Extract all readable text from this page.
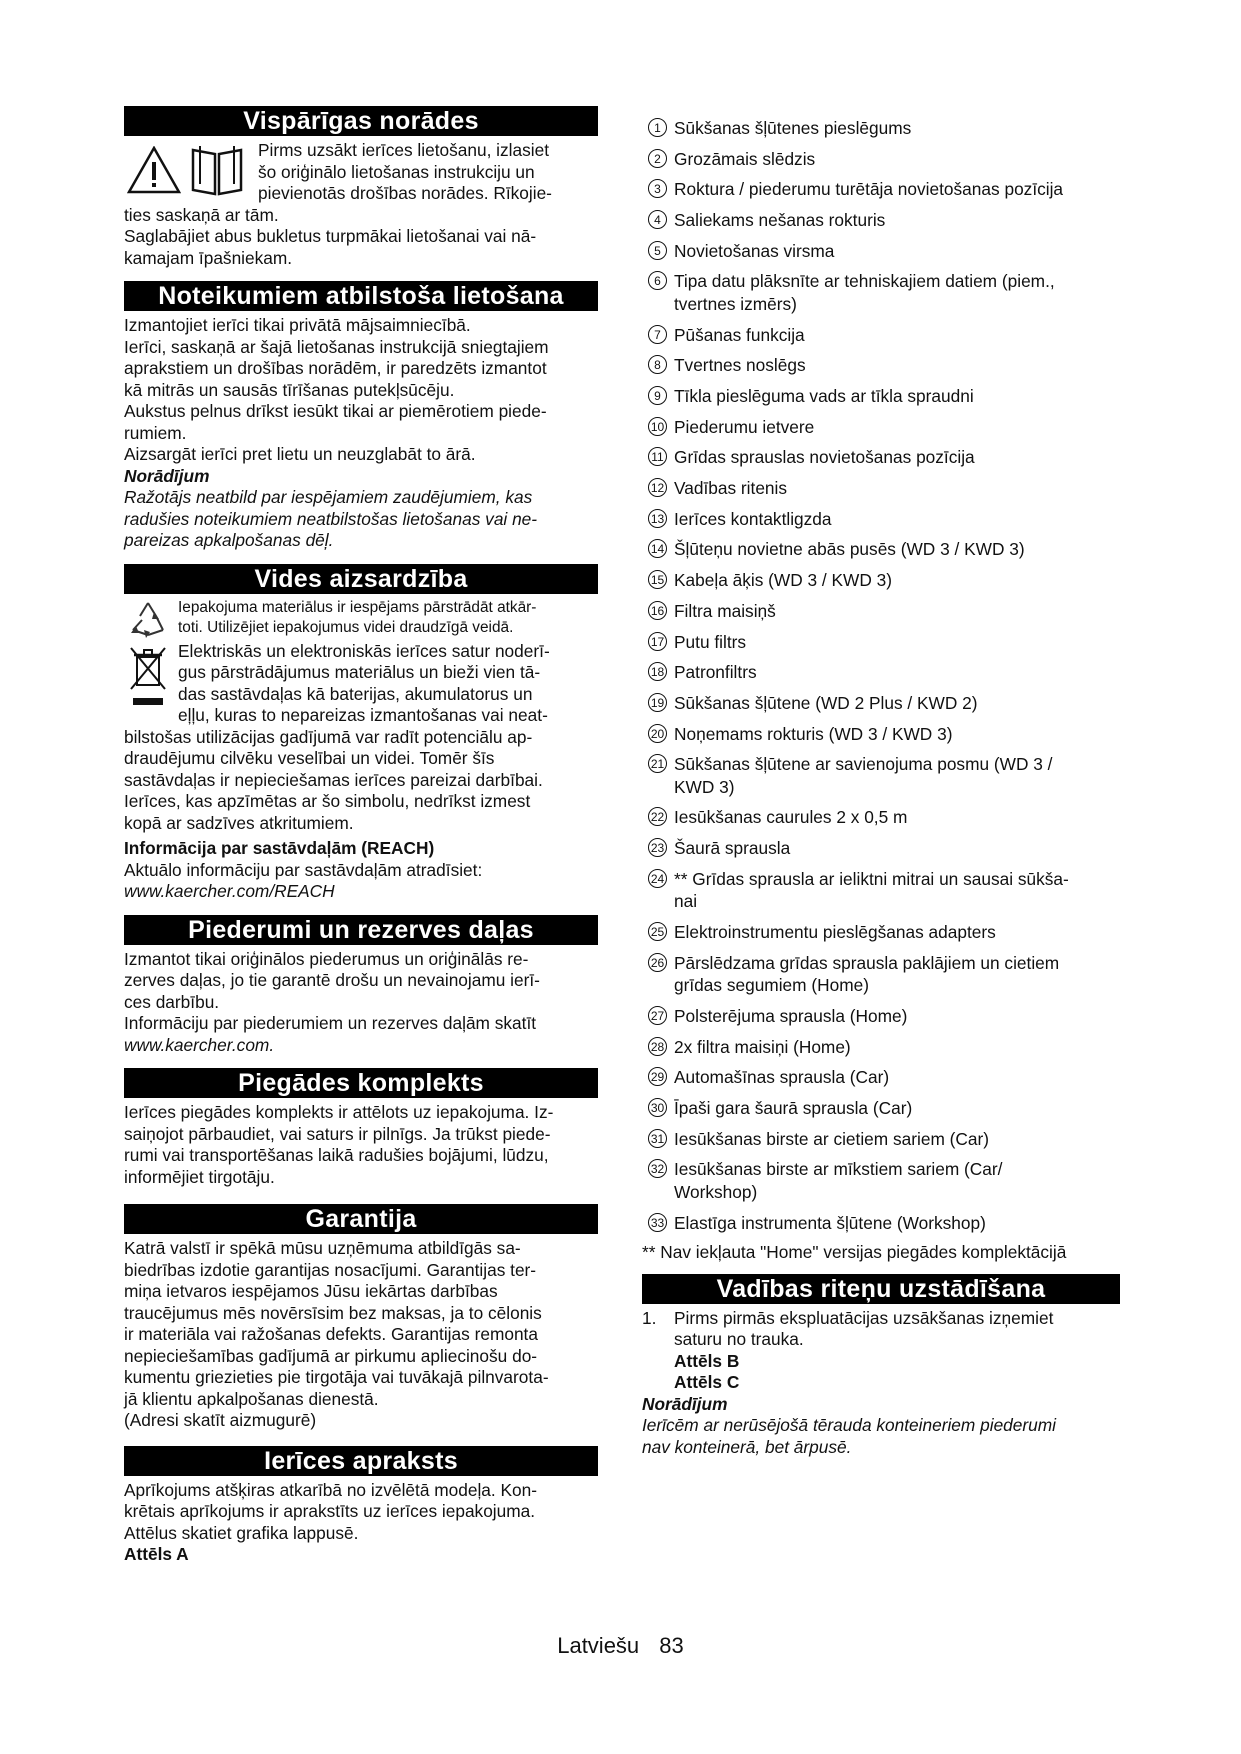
Vispārīgas norādes

Pirms uzsākt ierīces lietošanu, izlasiet

šo oriģinālo lietošanas instrukciju un

pievienotās drošības norādes. Rīkojie-

ties saskaņā ar tām.

Saglabājiet abus bukletus turpmākai lietošanai vai nā-

kamajam īpašniekam.

Noteikumiem atbilstoša lietošana

Izmantojiet ierīci tikai privātā mājsaimniecībā.

Ierīci, saskaņā ar šajā lietošanas instrukcijā sniegtajiem

aprakstiem un drošības norādēm, ir paredzēts izmantot

kā mitrās un sausās tīrīšanas putekļsūcēju.

Aukstus pelnus drīkst iesūkt tikai ar piemērotiem piede-

rumiem.

Aizsargāt ierīci pret lietu un neuzglabāt to ārā.

Norādījum

Ražotājs neatbild par iespējamiem zaudējumiem, kas

radušies noteikumiem neatbilstošas lietošanas vai ne-

pareizas apkalpošanas dēļ.

Vides aizsardzība

Iepakojuma materiālus ir iespējams pārstrādāt atkār-

toti. Utilizējiet iepakojumus videi draudzīgā veidā.

Elektriskās un elektroniskās ierīces satur noderī-

gus pārstrādājumus materiālus un bieži vien tā-

das sastāvdaļas kā baterijas, akumulatorus un

eļļu, kuras to nepareizas izmantošanas vai neat-

bilstošas utilizācijas gadījumā var radīt potenciālu ap-

draudējumu cilvēku veselībai un videi. Tomēr šīs

sastāvdaļas ir nepieciešamas ierīces pareizai darbībai.

Ierīces, kas apzīmētas ar šo simbolu, nedrīkst izmest

kopā ar sadzīves atkritumiem.

Informācija par sastāvdaļām (REACH)

Aktuālo informāciju par sastāvdaļām atradīsiet:

www.kaercher.com/REACH

Piederumi un rezerves daļas

Izmantot tikai oriģinālos piederumus un oriģinālās re-

zerves daļas, jo tie garantē drošu un nevainojamu ierī-

ces darbību.

Informāciju par piederumiem un rezerves daļām skatīt

www.kaercher.com.

Piegādes komplekts

Ierīces piegādes komplekts ir attēlots uz iepakojuma. Iz-

saiņojot pārbaudiet, vai saturs ir pilnīgs. Ja trūkst piede-

rumi vai transportēšanas laikā radušies bojājumi, lūdzu,

informējiet tirgotāju.

Garantija

Katrā valstī ir spēkā mūsu uzņēmuma atbildīgās sa-

biedrības izdotie garantijas nosacījumi. Garantijas ter-

miņa ietvaros iespējamos Jūsu iekārtas darbības

traucējumus mēs novērsīsim bez maksas, ja to cēlonis

ir materiāla vai ražošanas defekts. Garantijas remonta

nepieciešamības gadījumā ar pirkumu apliecinošu do-

kumentu griezieties pie tirgotāja vai tuvākajā pilnvarota-

jā klientu apkalpošanas dienestā.

(Adresi skatīt aizmugurē)

Ierīces apraksts

Aprīkojums atšķiras atkarībā no izvēlētā modeļa. Kon-

krētais aprīkojums ir aprakstīts uz ierīces iepakojuma.

Attēlus skatiet grafika lappusē.

Attēls A

1 Sūkšanas šļūtenes pieslēgums
2 Grozāmais slēdzis
3 Roktura / piederumu turētāja novietošanas pozīcija
4 Saliekams nešanas rokturis
5 Novietošanas virsma
6 Tipa datu plāksnīte ar tehniskajiem datiem (piem.,
tvertnes izmērs)
7 Pūšanas funkcija
8 Tvertnes noslēgs
9 Tīkla pieslēguma vads ar tīkla spraudni
10 Piederumu ietvere
11 Grīdas sprauslas novietošanas pozīcija
12 Vadības ritenis
13 Ierīces kontaktligzda
14 Šļūteņu novietne abās pusēs (WD 3 / KWD 3)
15 Kabeļa āķis (WD 3 / KWD 3)
16 Filtra maisiņš
17 Putu filtrs
18 Patronfiltrs
19 Sūkšanas šļūtene (WD 2 Plus / KWD 2)
20 Noņemams rokturis (WD 3 / KWD 3)
21 Sūkšanas šļūtene ar savienojuma posmu (WD 3 /
KWD 3)
22 Iesūkšanas caurules 2 x 0,5 m
23 Šaurā sprausla
24 ** Grīdas sprausla ar ieliktni mitrai un sausai sūkša-
nai
25 Elektroinstrumentu pieslēgšanas adapters
26 Pārslēdzama grīdas sprausla paklājiem un cietiem
grīdas segumiem (Home)
27 Polsterējuma sprausla (Home)
28 2x filtra maisiņi (Home)
29 Automašīnas sprausla (Car)
30 Īpaši gara šaurā sprausla (Car)
31 Iesūkšanas birste ar cietiem sariem (Car)
32 Iesūkšanas birste ar mīkstiem sariem (Car/
Workshop)
33 Elastīga instrumenta šļūtene (Workshop)

** Nav iekļauta "Home" versijas piegādes komplektācijā

Vadības riteņu uzstādīšana
1. Pirms pirmās ekspluatācijas uzsākšanas izņemiet
saturu no trauka.
Attēls B
Attēls C

Norādījum

Ierīcēm ar nerūsējošā tērauda konteineriem piederumi

nav konteinerā, bet ārpusē.

Latviešu 83
